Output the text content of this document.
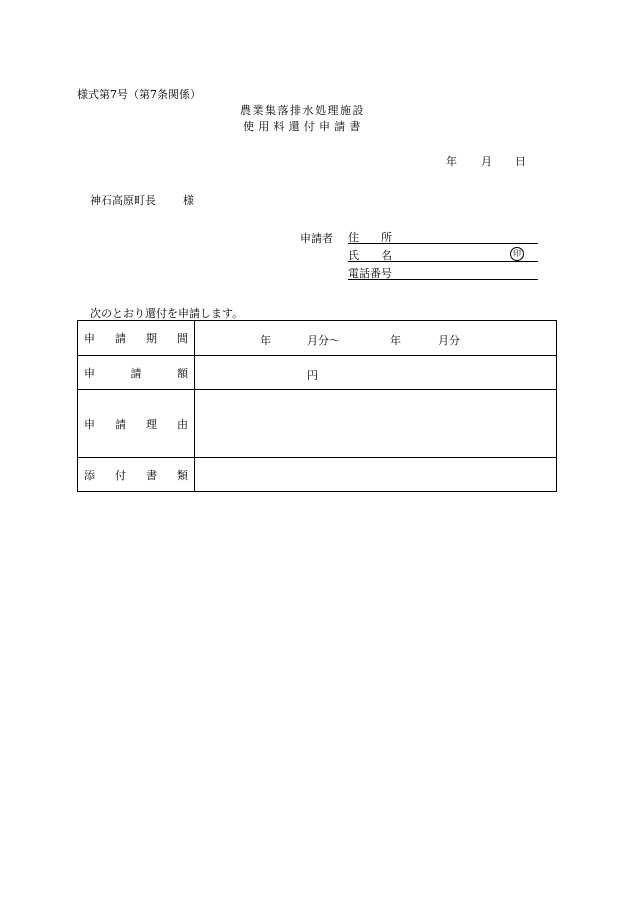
様式第7号（第7条関係）
農業集落排水処理施設
使用料還付申請書
年 月 日
神石高原町長 様
申請者 住　　所
氏　　名	印
電話番号
次のとおり還付を申請します。
申 請 期 間	年 月分～ 年 月分

申 請 額	円

申 請 理 由	

添 付 書 類	
